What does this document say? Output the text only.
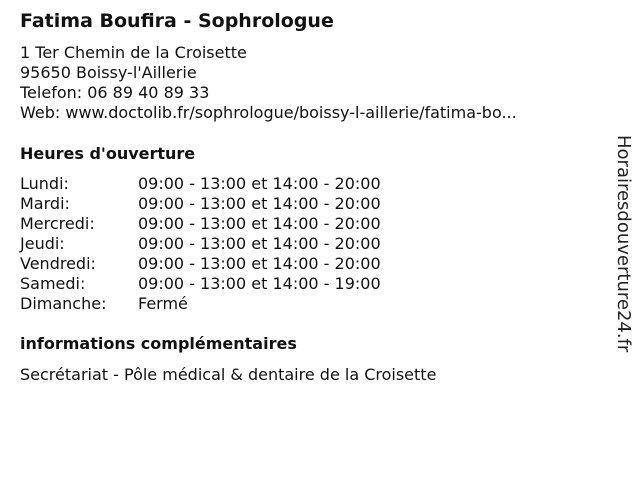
Fatima Boufira - Sophrologue
1 Ter Chemin de la Croisette
95650 Boissy-l'Aillerie
Telefon: 06 89 40 89 33
Web: www.doctolib.fr/sophrologue/boissy-l-aillerie/fatima-bo...
Heures d'ouverture
Lundi:	09:00 - 13:00 et 14:00 - 20:00
Mardi:	09:00 - 13:00 et 14:00 - 20:00
Mercredi:	09:00 - 13:00 et 14:00 - 20:00
Jeudi:	09:00 - 13:00 et 14:00 - 20:00
Vendredi:	09:00 - 13:00 et 14:00 - 20:00
Samedi:	09:00 - 13:00 et 14:00 - 19:00
Dimanche: Fermé
informations complémentaires
Secrétariat - Pôle médical & dentaire de la Croisette
Horairesdouverture24.fr
